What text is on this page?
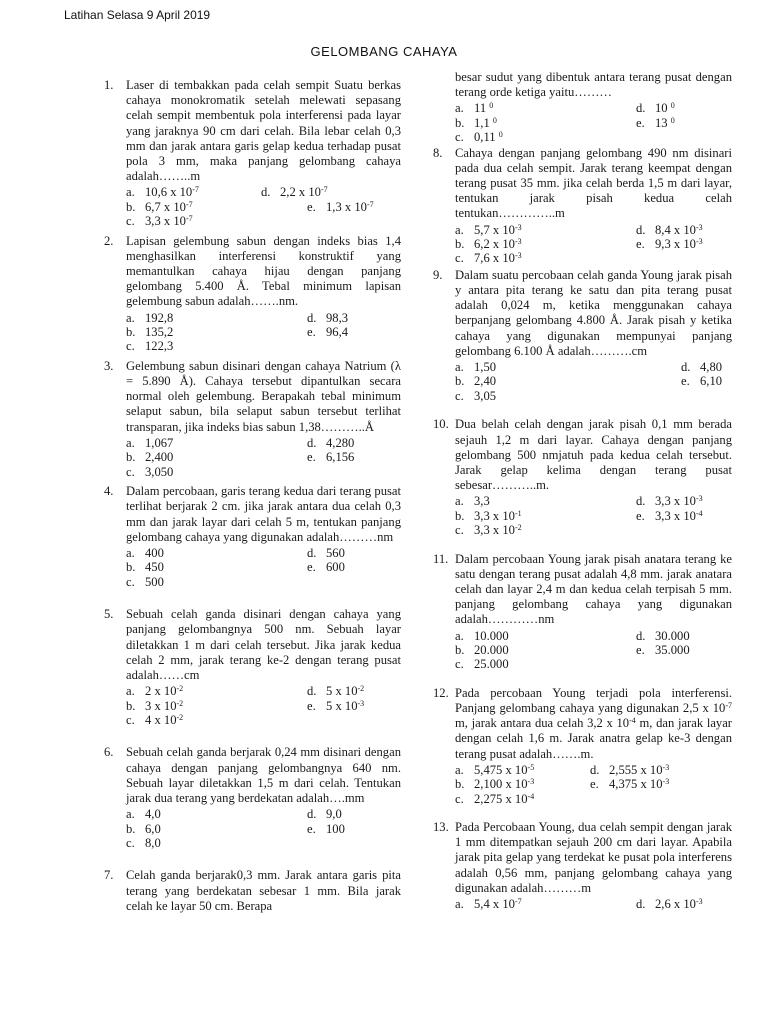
Latihan Selasa 9 April 2019
GELOMBANG CAHAYA
1. Laser di tembakkan pada celah sempit Suatu berkas cahaya monokromatik setelah melewati sepasang celah sempit membentuk pola interferensi pada layar yang jaraknya 90 cm dari celah. Bila lebar celah 0,3 mm dan jarak antara garis gelap kedua terhadap pusat pola 3 mm, maka panjang gelombang cahaya adalah……..m

a. 10,6 x $10^{-7}$	d. 2,2 x $10^{-7}$
b. 6,7 x $10^{-7}$	e. 1,3 x $10^{-7}$
c. 3,3 x $10^{-7}$
2. Lapisan gelembung sabun dengan indeks bias 1,4 menghasilkan interferensi konstruktif yang memantulkan cahaya hijau dengan panjang gelombang 5.400 Å. Tebal minimum lapisan gelembung sabun adalah…….nm.

a. 192,8	d. 98,3
b. 135,2	e. 96,4
c. 122,3
3. Gelembung sabun disinari dengan cahaya Natrium (λ = 5.890 Å). Cahaya tersebut dipantulkan secara normal oleh gelembung. Berapakah tebal minimum selaput sabun, bila selaput sabun tersebut terlihat transparan, jika indeks bias sabun 1,38………..Å

a. 1,067	d. 4,280
b. 2,400	e. 6,156
c. 3,050
4. Dalam percobaan, garis terang kedua dari terang pusat terlihat berjarak 2 cm. jika jarak antara dua celah 0,3 mm dan jarak layar dari celah 5 m, tentukan panjang gelombang cahaya yang digunakan adalah………nm

a. 400	d. 560
b. 450	e. 600
c. 500
5. Sebuah celah ganda disinari dengan cahaya yang panjang gelombangnya 500 nm. Sebuah layar diletakkan 1 m dari celah tersebut. Jika jarak kedua celah 2 mm, jarak terang ke-2 dengan terang pusat adalah……cm

a. 2 x $10^{-2}$	d. 5 x $10^{-2}$
b. 3 x $10^{-2}$	e. 5 x $10^{-3}$
c. 4 x $10^{-2}$
6. Sebuah celah ganda berjarak 0,24 mm disinari dengan cahaya dengan panjang gelombangnya 640 nm. Sebuah layar diletakkan 1,5 m dari celah. Tentukan jarak dua terang yang berdekatan adalah….mm

a. 4,0	d. 9,0
b. 6,0	e. 100
c. 8,0
7. Celah ganda berjarak0,3 mm. Jarak antara garis pita terang yang berdekatan sebesar 1 mm. Bila jarak celah ke layar 50 cm. Berapa

besar sudut yang dibentuk antara terang pusat dengan terang orde ketiga yaitu………

a. 11 $^0$	d. 10 $^0$
b. 1,1 $^0$	e. 13 $^0$
c. 0,11 $^0$
8. Cahaya dengan panjang gelombang 490 nm disinari pada dua celah sempit. Jarak terang keempat dengan terang pusat 35 mm. jika celah berda 1,5 m dari layar, tentukan jarak pisah kedua celah tentukan…………..m

a. 5,7 x $10^{-3}$	d. 8,4 x $10^{-3}$
b. 6,2 x $10^{-3}$	e. 9,3 x $10^{-3}$
c. 7,6 x $10^{-3}$
9. Dalam suatu percobaan celah ganda Young jarak pisah y antara pita terang ke satu dan pita terang pusat adalah 0,024 m, ketika menggunakan cahaya berpanjang gelombang 4.800 Å. Jarak pisah y ketika cahaya yang digunakan mempunyai panjang gelombang 6.100 Å adalah……….cm

a. 1,50	d. 4,80
b. 2,40	e. 6,10
c. 3,05
10. Dua belah celah dengan jarak pisah 0,1 mm berada sejauh 1,2 m dari layar. Cahaya dengan panjang gelombang 500 nmjatuh pada kedua celah tersebut. Jarak gelap kelima dengan terang pusat sebesar………..m.

a. 3,3	d. 3,3 x $10^{-3}$
b. 3,3 x $10^{-1}$	e. 3,3 x $10^{-4}$
c. 3,3 x $10^{-2}$
11. Dalam percobaan Young jarak pisah anatara terang ke satu dengan terang pusat adalah 4,8 mm. jarak anatara celah dan layar 2,4 m dan kedua celah terpisah 5 mm. panjang gelombang cahaya yang digunakan adalah…………nm

a. 10.000	d. 30.000
b. 20.000	e. 35.000
c. 25.000
12. Pada percobaan Young terjadi pola interferensi. Panjang gelombang cahaya yang digunakan 2,5 x $10^{-7}$ m, jarak antara dua celah 3,2 x $10^{-4}$ m, dan jarak layar dengan celah 1,6 m. Jarak anatra gelap ke-3 dengan terang pusat adalah…….m.

a. 5,475 x $10^{-5}$	d. 2,555 x $10^{-3}$
b. 2,100 x $10^{-3}$	e. 4,375 x $10^{-3}$
c. 2,275 x $10^{-4}$
13. Pada Percobaan Young, dua celah sempit dengan jarak 1 mm ditempatkan sejauh 200 cm dari layar. Apabila jarak pita gelap yang terdekat ke pusat pola interferens adalah 0,56 mm, panjang gelombang cahaya yang digunakan adalah………m

a. 5,4 x $10^{-7}$	d. 2,6 x $10^{-3}$
